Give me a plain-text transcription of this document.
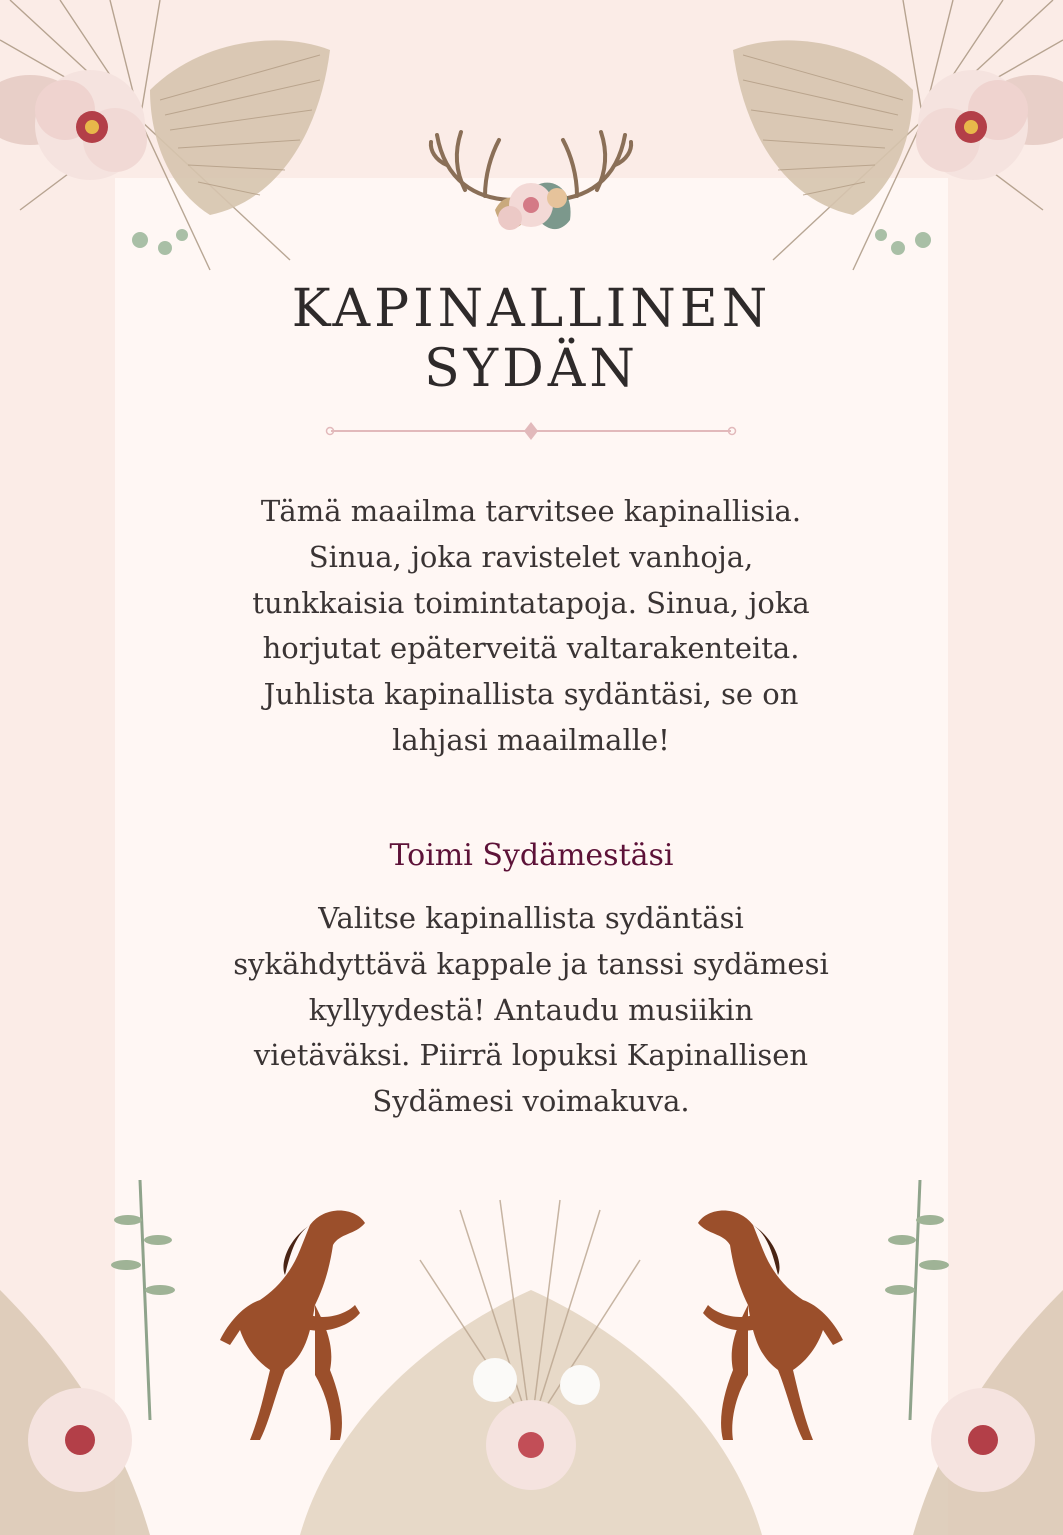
KAPINALLINEN
SYDÄN

Tämä maailma tarvitsee kapinallisia. Sinua, joka ravistelet vanhoja, tunkkaisia toimintatapoja. Sinua, joka horjutat epäterveitä valtarakenteita. Juhlista kapinallista sydäntäsi, se on lahjasi maailmalle!

Toimi Sydämestäsi

Valitse kapinallista sydäntäsi sykähdyttävä kappale ja tanssi sydämesi kyllyydestä! Antaudu musiikin vietäväksi. Piirrä lopuksi Kapinallisen Sydämesi voimakuva.
